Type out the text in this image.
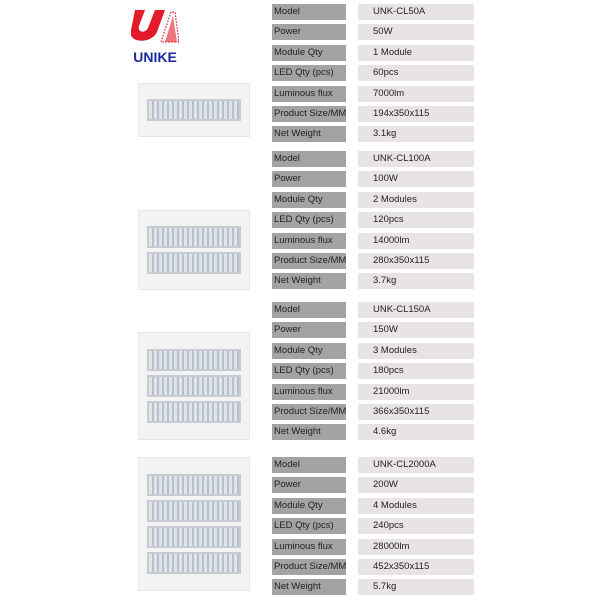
UNIKE
Model	UNK-CL50A
Power	50W
Module Qty	1 Module
LED Qty (pcs)	60pcs
Luminous flux	7000lm
Product Size/MM	194x350x115
Net Weight	3.1kg
Model	UNK-CL100A
Power	100W
Module Qty	2 Modules
LED Qty (pcs)	120pcs
Luminous flux	14000lm
Product Size/MM	280x350x115
Net Weight	3.7kg
Model	UNK-CL150A
Power	150W
Module Qty	3 Modules
LED Qty (pcs)	180pcs
Luminous flux	21000lm
Product Size/MM	366x350x115
Net Weight	4.6kg
Model	UNK-CL2000A
Power	200W
Module Qty	4 Modules
LED Qty (pcs)	240pcs
Luminous flux	28000lm
Product Size/MM	452x350x115
Net Weight	5.7kg
